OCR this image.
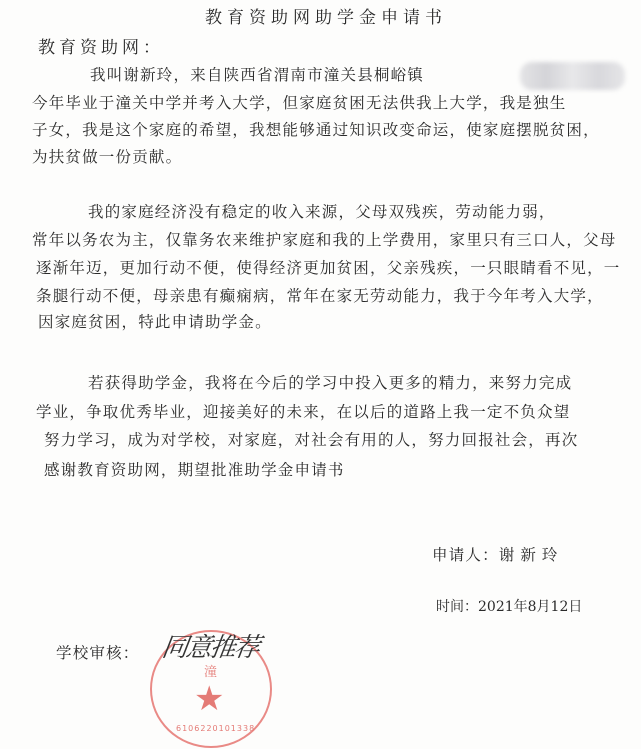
教育资助网助学金申请书
教育资助网：
我叫谢新玲，来自陕西省渭南市潼关县桐峪镇
今年毕业于潼关中学并考入大学，但家庭贫困无法供我上大学，我是独生
子女，我是这个家庭的希望，我想能够通过知识改变命运，使家庭摆脱贫困，
为扶贫做一份贡献。
我的家庭经济没有稳定的收入来源，父母双残疾，劳动能力弱，
常年以务农为主，仅靠务农来维护家庭和我的上学费用，家里只有三口人，父母
逐渐年迈，更加行动不便，使得经济更加贫困，父亲残疾，一只眼睛看不见，一
条腿行动不便，母亲患有癫痫病，常年在家无劳动能力，我于今年考入大学，
因家庭贫困，特此申请助学金。
若获得助学金，我将在今后的学习中投入更多的精力，来努力完成
学业，争取优秀毕业，迎接美好的未来，在以后的道路上我一定不负众望
努力学习，成为对学校，对家庭，对社会有用的人，努力回报社会，再次
感谢教育资助网，期望批准助学金申请书
申请人：谢新玲
时间：2021年8月12日
学校审核：
潼
★
6106220101338
同意推荐
